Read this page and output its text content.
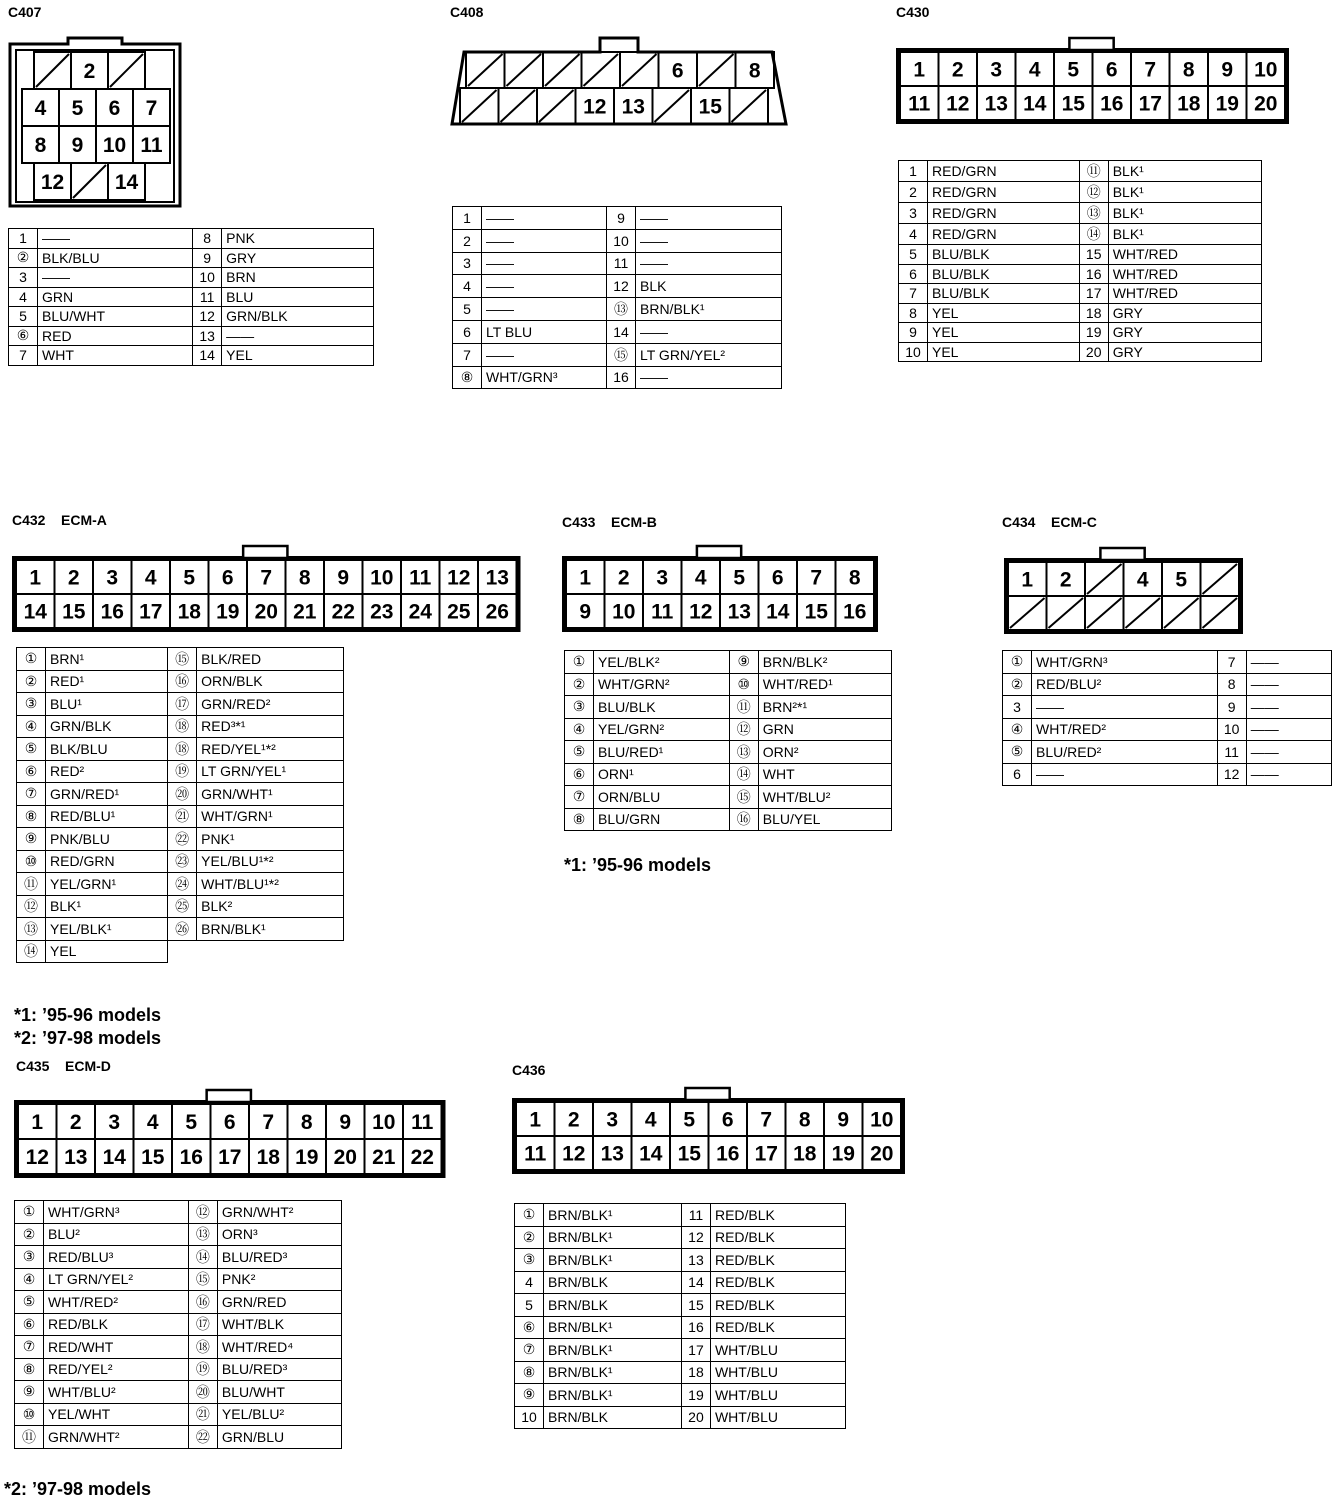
C407	C408	C430
C432    ECM-A	C433    ECM-B	C434    ECM-C
C435    ECM-D	C436
2
4 5 6 7
8 9 10 11
12 14
6	8
12 13	15
1 2 3 4 5 6 7 8 9 10
11 12 13 14 15 16 17 18 19 20
1 2 3 4 5 6 7 8 9 10 11 12 13
14 15 16 17 18 19 20 21 22 23 24 25 26
1 2 3 4 5 6 7 8
9 10 11 12 13 14 15 16
1 2	4 5
1 2 3 4 5 6 7 8 9 10 11
12 13 14 15 16 17 18 19 20 21 22
1 2 3 4 5 6 7 8 9 10
11 12 13 14 15 16 17 18 19 20
1	——	8	PNK
②	BLK/BLU	9	GRY
3	——	10	BRN
4	GRN	11	BLU
5	BLU/WHT	12	GRN/BLK
⑥	RED	13	——
7	WHT	14	YEL
1	——	9	——
2	——	10	——
3	——	11	——
4	——	12	BLK
5	——	⑬	BRN/BLK¹
6	LT BLU	14	——
7	——	⑮	LT GRN/YEL²
⑧	WHT/GRN³	16	——
1	RED/GRN	⑪	BLK¹
2	RED/GRN	⑫	BLK¹
3	RED/GRN	⑬	BLK¹
4	RED/GRN	⑭	BLK¹
5	BLU/BLK	15	WHT/RED
6	BLU/BLK	16	WHT/RED
7	BLU/BLK	17	WHT/RED
8	YEL	18	GRY
9	YEL	19	GRY
10	YEL	20	GRY
①	BRN¹	⑮	BLK/RED
②	RED¹	⑯	ORN/BLK
③	BLU¹	⑰	GRN/RED²
④	GRN/BLK	⑱	RED³*¹
⑤	BLK/BLU	⑱	RED/YEL¹*²
⑥	RED²	⑲	LT GRN/YEL¹
⑦	GRN/RED¹	⑳	GRN/WHT¹
⑧	RED/BLU¹	㉑	WHT/GRN¹
⑨	PNK/BLU	㉒	PNK¹
⑩	RED/GRN	㉓	YEL/BLU¹*²
⑪	YEL/GRN¹	㉔	WHT/BLU¹*²
⑫	BLK¹	㉕	BLK²
⑬	YEL/BLK¹	㉖	BRN/BLK¹
⑭	YEL		
①	YEL/BLK²	⑨	BRN/BLK²
②	WHT/GRN²	⑩	WHT/RED¹
③	BLU/BLK	⑪	BRN²*¹
④	YEL/GRN²	⑫	GRN
⑤	BLU/RED¹	⑬	ORN²
⑥	ORN¹	⑭	WHT
⑦	ORN/BLU	⑮	WHT/BLU²
⑧	BLU/GRN	⑯	BLU/YEL
①	WHT/GRN³	7	——
②	RED/BLU²	8	——
3	——	9	——
④	WHT/RED²	10	——
⑤	BLU/RED²	11	——
6	——	12	——
①	WHT/GRN³	⑫	GRN/WHT²
②	BLU²	⑬	ORN³
③	RED/BLU³	⑭	BLU/RED³
④	LT GRN/YEL²	⑮	PNK²
⑤	WHT/RED²	⑯	GRN/RED
⑥	RED/BLK	⑰	WHT/BLK
⑦	RED/WHT	⑱	WHT/RED⁴
⑧	RED/YEL²	⑲	BLU/RED³
⑨	WHT/BLU²	⑳	BLU/WHT
⑩	YEL/WHT	㉑	YEL/BLU²
⑪	GRN/WHT²	㉒	GRN/BLU
①	BRN/BLK¹	11	RED/BLK
②	BRN/BLK¹	12	RED/BLK
③	BRN/BLK¹	13	RED/BLK
4	BRN/BLK	14	RED/BLK
5	BRN/BLK	15	RED/BLK
⑥	BRN/BLK¹	16	RED/BLK
⑦	BRN/BLK¹	17	WHT/BLU
⑧	BRN/BLK¹	18	WHT/BLU
⑨	BRN/BLK¹	19	WHT/BLU
10	BRN/BLK	20	WHT/BLU
*1: ’95-96 models
*2: ’97-98 models
*1: ’95-96 models
*2: ’97-98 models
